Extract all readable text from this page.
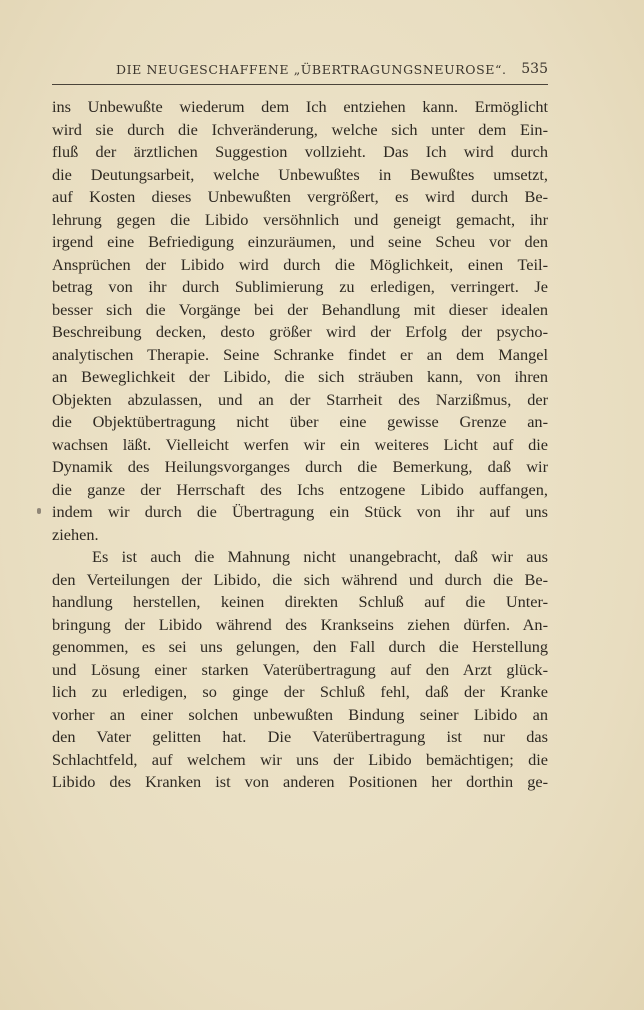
DIE NEUGESCHAFFENE „ÜBERTRAGUNGSNEUROSE“. 535
ins Unbewußte wiederum dem Ich entziehen kann. Ermöglicht
wird sie durch die Ichveränderung, welche sich unter dem Ein-
fluß der ärztlichen Suggestion vollzieht. Das Ich wird durch
die Deutungsarbeit, welche Unbewußtes in Bewußtes umsetzt,
auf Kosten dieses Unbewußten vergrößert, es wird durch Be-
lehrung gegen die Libido versöhnlich und geneigt gemacht, ihr
irgend eine Befriedigung einzuräumen, und seine Scheu vor den
Ansprüchen der Libido wird durch die Möglichkeit, einen Teil-
betrag von ihr durch Sublimierung zu erledigen, verringert. Je
besser sich die Vorgänge bei der Behandlung mit dieser idealen
Beschreibung decken, desto größer wird der Erfolg der psycho-
analytischen Therapie. Seine Schranke findet er an dem Mangel
an Beweglichkeit der Libido, die sich sträuben kann, von ihren
Objekten abzulassen, und an der Starrheit des Narzißmus, der
die Objektübertragung nicht über eine gewisse Grenze an-
wachsen läßt. Vielleicht werfen wir ein weiteres Licht auf die
Dynamik des Heilungsvorganges durch die Bemerkung, daß wir
die ganze der Herrschaft des Ichs entzogene Libido auffangen,
indem wir durch die Übertragung ein Stück von ihr auf uns
ziehen.
Es ist auch die Mahnung nicht unangebracht, daß wir aus
den Verteilungen der Libido, die sich während und durch die Be-
handlung herstellen, keinen direkten Schluß auf die Unter-
bringung der Libido während des Krankseins ziehen dürfen. An-
genommen, es sei uns gelungen, den Fall durch die Herstellung
und Lösung einer starken Vaterübertragung auf den Arzt glück-
lich zu erledigen, so ginge der Schluß fehl, daß der Kranke
vorher an einer solchen unbewußten Bindung seiner Libido an
den Vater gelitten hat. Die Vaterübertragung ist nur das
Schlachtfeld, auf welchem wir uns der Libido bemächtigen; die
Libido des Kranken ist von anderen Positionen her dorthin ge-
